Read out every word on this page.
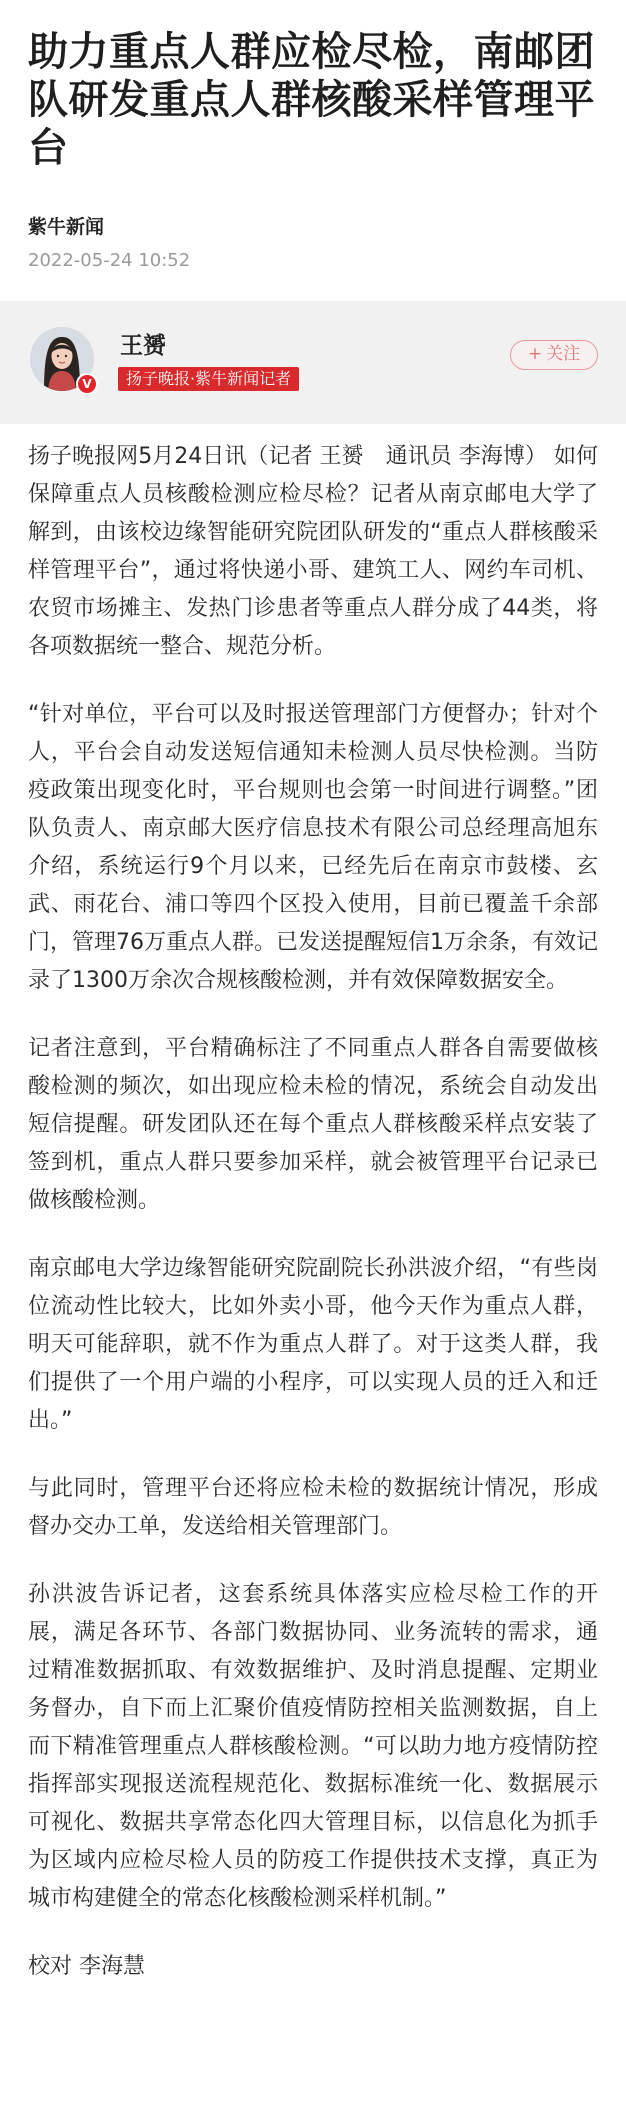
助力重点人群应检尽检，南邮团队研发重点人群核酸采样管理平台
紫牛新闻
2022-05-24 10:52
V
王赟
扬子晚报·紫牛新闻记者
+ 关注

扬子晚报网5月24日讯（记者 王赟　通讯员 李海博） 如何保障重点人员核酸检测应检尽检？记者从南京邮电大学了解到，由该校边缘智能研究院团队研发的“重点人群核酸采样管理平台”，通过将快递小哥、建筑工人、网约车司机、农贸市场摊主、发热门诊患者等重点人群分成了44类，将各项数据统一整合、规范分析。

“针对单位，平台可以及时报送管理部门方便督办；针对个人，平台会自动发送短信通知未检测人员尽快检测。当防疫政策出现变化时，平台规则也会第一时间进行调整。”团队负责人、南京邮大医疗信息技术有限公司总经理高旭东介绍，系统运行9个月以来，已经先后在南京市鼓楼、玄武、雨花台、浦口等四个区投入使用，目前已覆盖千余部门，管理76万重点人群。已发送提醒短信1万余条，有效记录了1300万余次合规核酸检测，并有效保障数据安全。

记者注意到，平台精确标注了不同重点人群各自需要做核酸检测的频次，如出现应检未检的情况，系统会自动发出短信提醒。研发团队还在每个重点人群核酸采样点安装了签到机，重点人群只要参加采样，就会被管理平台记录已做核酸检测。

南京邮电大学边缘智能研究院副院长孙洪波介绍，“有些岗位流动性比较大，比如外卖小哥，他今天作为重点人群，明天可能辞职，就不作为重点人群了。对于这类人群，我们提供了一个用户端的小程序，可以实现人员的迁入和迁出。”

与此同时，管理平台还将应检未检的数据统计情况，形成督办交办工单，发送给相关管理部门。

孙洪波告诉记者，这套系统具体落实应检尽检工作的开展，满足各环节、各部门数据协同、业务流转的需求，通过精准数据抓取、有效数据维护、及时消息提醒、定期业务督办，自下而上汇聚价值疫情防控相关监测数据，自上而下精准管理重点人群核酸检测。“可以助力地方疫情防控指挥部实现报送流程规范化、数据标准统一化、数据展示可视化、数据共享常态化四大管理目标，以信息化为抓手为区域内应检尽检人员的防疫工作提供技术支撑，真正为城市构建健全的常态化核酸检测采样机制。”

校对 李海慧
